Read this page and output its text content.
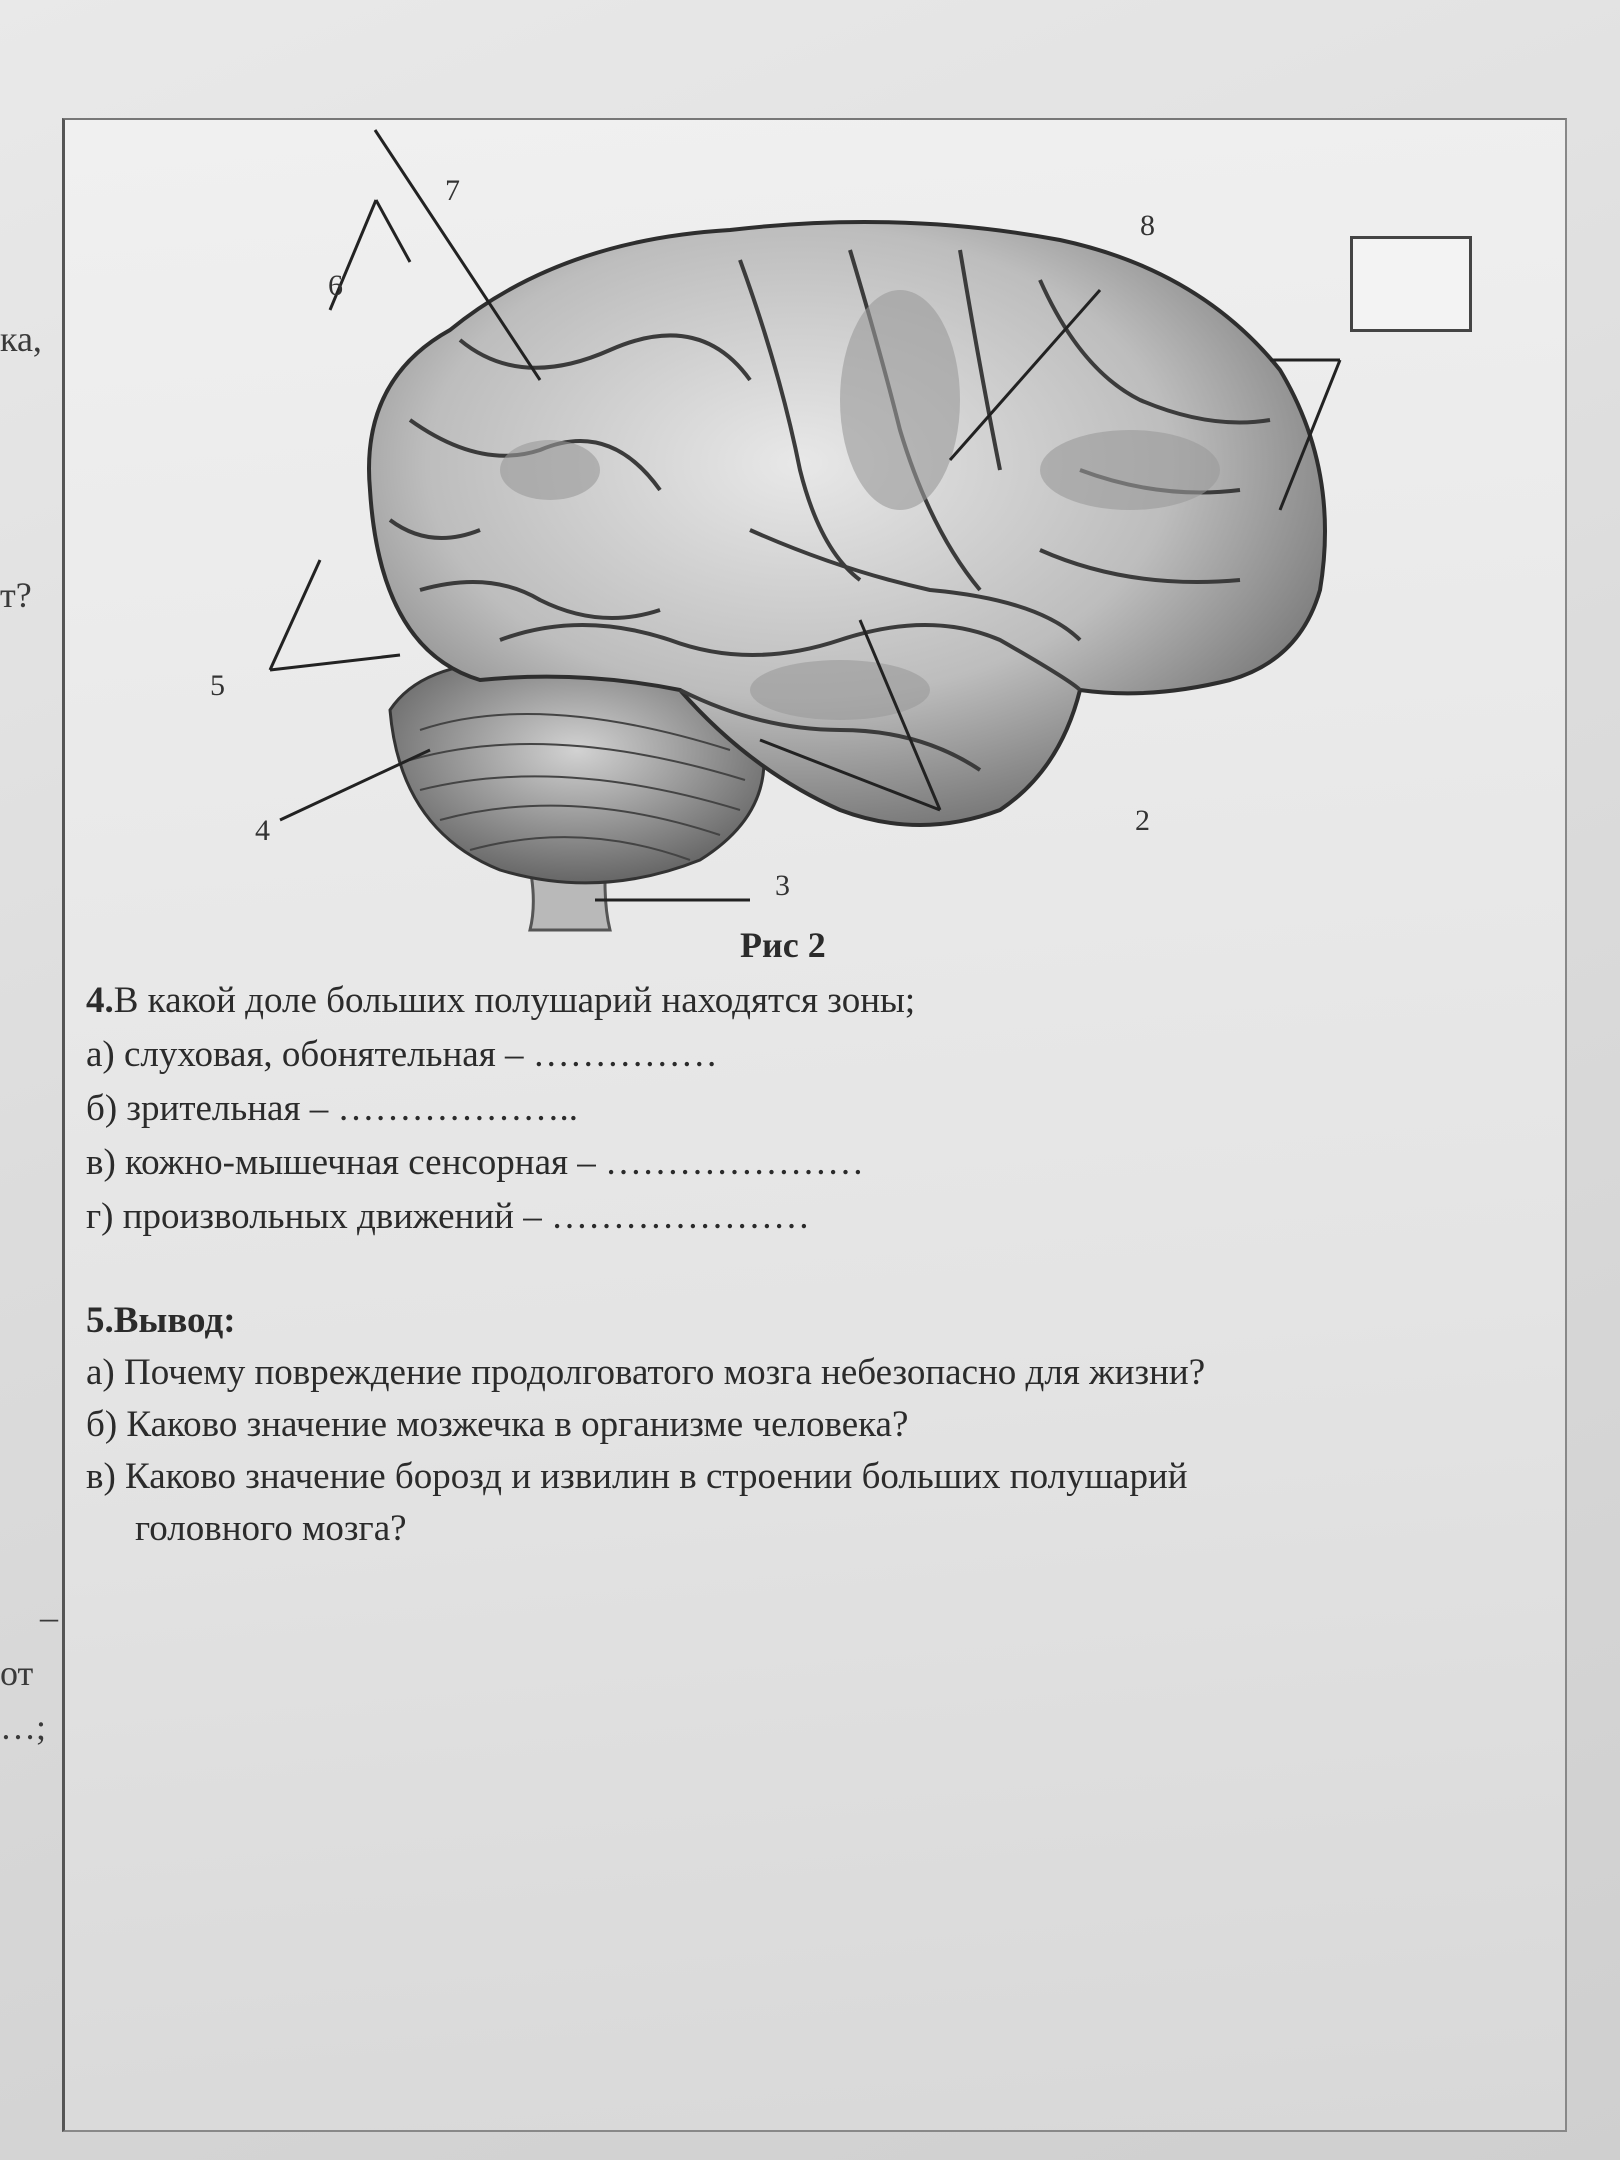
ка,
т?
–
от
…;
2
3
4
5
6
7
8
Рис 2
4.В какой доле больших полушарий находятся зоны;
а) слуховая, обонятельная – ……………
б) зрительная – ………………..
в) кожно-мышечная сенсорная – …………………
г) произвольных движений – …………………
5.Вывод:
а) Почему повреждение продолговатого мозга небезопасно для жизни?
б) Каково значение мозжечка в организме человека?
в) Каково значение борозд и извилин в строении больших полушарий
головного мозга?
